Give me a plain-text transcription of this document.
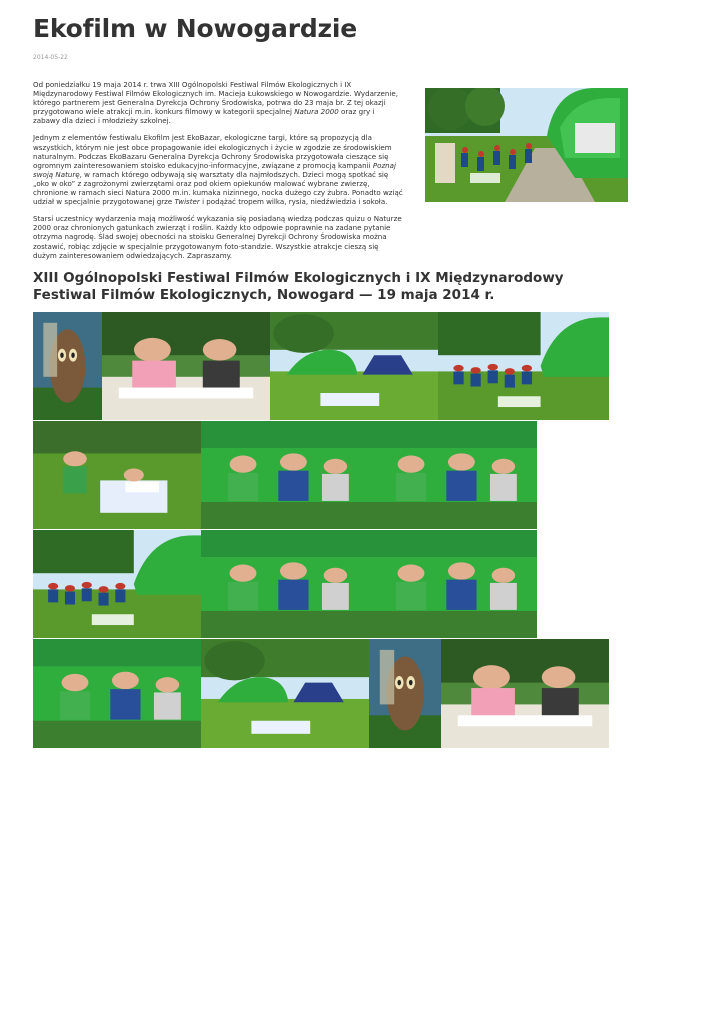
Ekofilm w Nowogardzie
2014-05-22

Od poniedziałku 19 maja 2014 r. trwa XIII Ogólnopolski Festiwal Filmów Ekologicznych i IX Międzynarodowy Festiwal Filmów Ekologicznych im. Macieja Łukowskiego w Nowogardzie. Wydarzenie, którego partnerem jest Generalna Dyrekcja Ochrony Środowiska, potrwa do 23 maja br. Z tej okazji przygotowano wiele atrakcji m.in. konkurs filmowy w kategorii specjalnej Natura 2000 oraz gry i zabawy dla dzieci i młodzieży szkolnej.

Jednym z elementów festiwalu Ekofilm jest EkoBazar, ekologiczne targi, które są propozycją dla wszystkich, którym nie jest obce propagowanie idei ekologicznych i życie w zgodzie ze środowiskiem naturalnym. Podczas EkoBazaru Generalna Dyrekcja Ochrony Środowiska przygotowała cieszące się ogromnym zainteresowaniem stoisko edukacyjno-informacyjne, związane z promocją kampanii Poznaj swoją Naturę, w ramach którego odbywają się warsztaty dla najmłodszych. Dzieci mogą spotkać się „oko w oko” z zagrożonymi zwierzętami oraz pod okiem opiekunów malować wybrane zwierzę, chronione w ramach sieci Natura 2000 m.in. kumaka nizinnego, nocka dużego czy żubra. Ponadto wziąć udział w specjalnie przygotowanej grze Twister i podążać tropem wilka, rysia, niedźwiedzia i sokoła.

Starsi uczestnicy wydarzenia mają możliwość wykazania się posiadaną wiedzą podczas quizu o Naturze 2000 oraz chronionych gatunkach zwierząt i roślin. Każdy kto odpowie poprawnie na zadane pytanie otrzyma nagrodę. Ślad swojej obecności na stoisku Generalnej Dyrekcji Ochrony Środowiska można zostawić, robiąc zdjęcie w specjalnie przygotowanym foto-standzie. Wszystkie atrakcje cieszą się dużym zainteresowaniem odwiedzających. Zapraszamy.

XIII Ogólnopolski Festiwal Filmów Ekologicznych i IX Międzynarodowy Festiwal Filmów Ekologicznych, Nowogard — 19 maja 2014 r.
